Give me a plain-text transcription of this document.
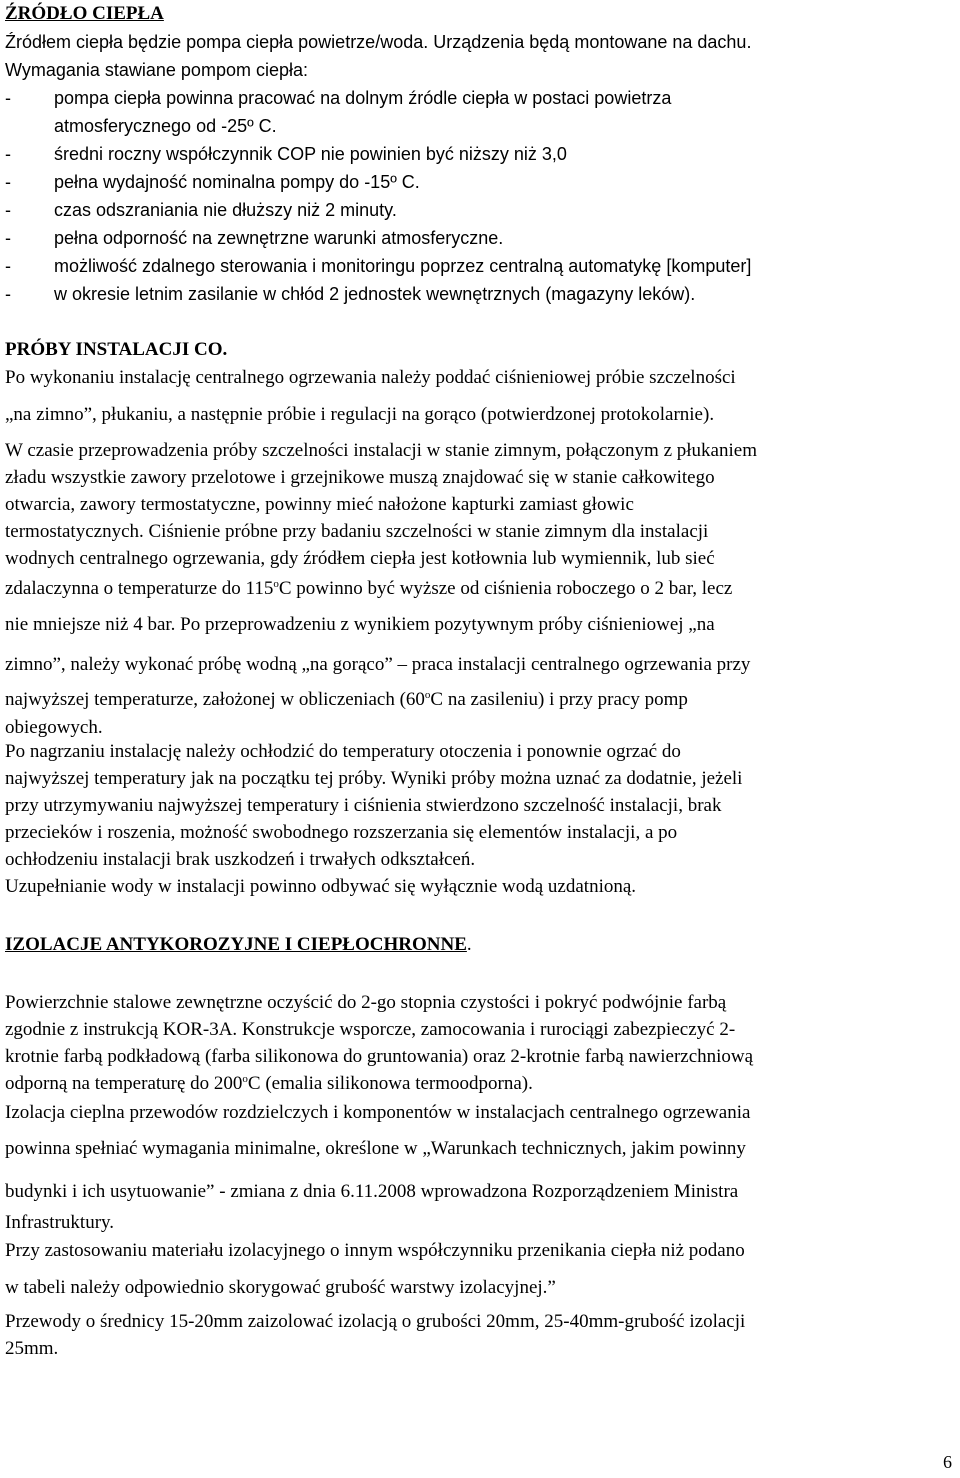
ŹRÓDŁO CIEPŁA
Źródłem ciepła będzie pompa ciepła powietrze/woda. Urządzenia będą montowane na dachu.
Wymagania stawiane pompom ciepła:
- pompa ciepła powinna pracować na dolnym źródle ciepła w postaci powietrza
atmosferycznego od -25º C.
- średni roczny współczynnik COP nie powinien być niższy niż 3,0
- pełna wydajność nominalna pompy do -15º C.
- czas odszraniania nie dłuższy niż 2 minuty.
- pełna odporność na zewnętrzne warunki atmosferyczne.
- możliwość zdalnego sterowania i monitoringu poprzez centralną automatykę [komputer]
- w okresie letnim zasilanie w chłód 2 jednostek wewnętrznych (magazyny leków).
PRÓBY INSTALACJI CO.
Po wykonaniu instalację centralnego ogrzewania należy poddać ciśnieniowej próbie szczelności
„na zimno”, płukaniu, a następnie próbie i regulacji na gorąco (potwierdzonej protokolarnie).
W czasie przeprowadzenia próby szczelności instalacji w stanie zimnym, połączonym z płukaniem
zładu wszystkie zawory przelotowe i grzejnikowe muszą znajdować się w stanie całkowitego
otwarcia, zawory termostatyczne, powinny mieć nałożone kapturki zamiast głowic
termostatycznych. Ciśnienie próbne przy badaniu szczelności w stanie zimnym dla instalacji
wodnych centralnego ogrzewania, gdy źródłem ciepła jest kotłownia lub wymiennik, lub sieć
zdalaczynna o temperaturze do 115$^o$C powinno być wyższe od ciśnienia roboczego o 2 bar, lecz
nie mniejsze niż 4 bar. Po przeprowadzeniu z wynikiem pozytywnym próby ciśnieniowej „na
zimno”, należy wykonać próbę wodną „na gorąco” – praca instalacji centralnego ogrzewania przy
najwyższej temperaturze, założonej w obliczeniach (60$^o$C na zasileniu) i przy pracy pomp
obiegowych.
Po nagrzaniu instalację należy ochłodzić do temperatury otoczenia i ponownie ogrzać do
najwyższej temperatury jak na początku tej próby. Wyniki próby można uznać za dodatnie, jeżeli
przy utrzymywaniu najwyższej temperatury i ciśnienia stwierdzono szczelność instalacji, brak
przecieków i roszenia, możność swobodnego rozszerzania się elementów instalacji, a po
ochłodzeniu instalacji brak uszkodzeń i trwałych odkształceń.
Uzupełnianie wody w instalacji powinno odbywać się wyłącznie wodą uzdatnioną.
IZOLACJE ANTYKOROZYJNE I CIEPŁOCHRONNE.
Powierzchnie stalowe zewnętrzne oczyścić do 2-go stopnia czystości i pokryć podwójnie farbą
zgodnie z instrukcją KOR-3A. Konstrukcje wsporcze, zamocowania i rurociągi zabezpieczyć 2-
krotnie farbą podkładową (farba silikonowa do gruntowania) oraz 2-krotnie farbą nawierzchniową
odporną na temperaturę do 200$^o$C (emalia silikonowa termoodporna).
Izolacja cieplna przewodów rozdzielczych i komponentów w instalacjach centralnego ogrzewania
powinna spełniać wymagania minimalne, określone w „Warunkach technicznych, jakim powinny
budynki i ich usytuowanie” - zmiana z dnia 6.11.2008 wprowadzona Rozporządzeniem Ministra
Infrastruktury.
Przy zastosowaniu materiału izolacyjnego o innym współczynniku przenikania ciepła niż podano
w tabeli należy odpowiednio skorygować grubość warstwy izolacyjnej.”
Przewody o średnicy 15-20mm zaizolować izolacją o grubości 20mm, 25-40mm-grubość izolacji
25mm.
6
